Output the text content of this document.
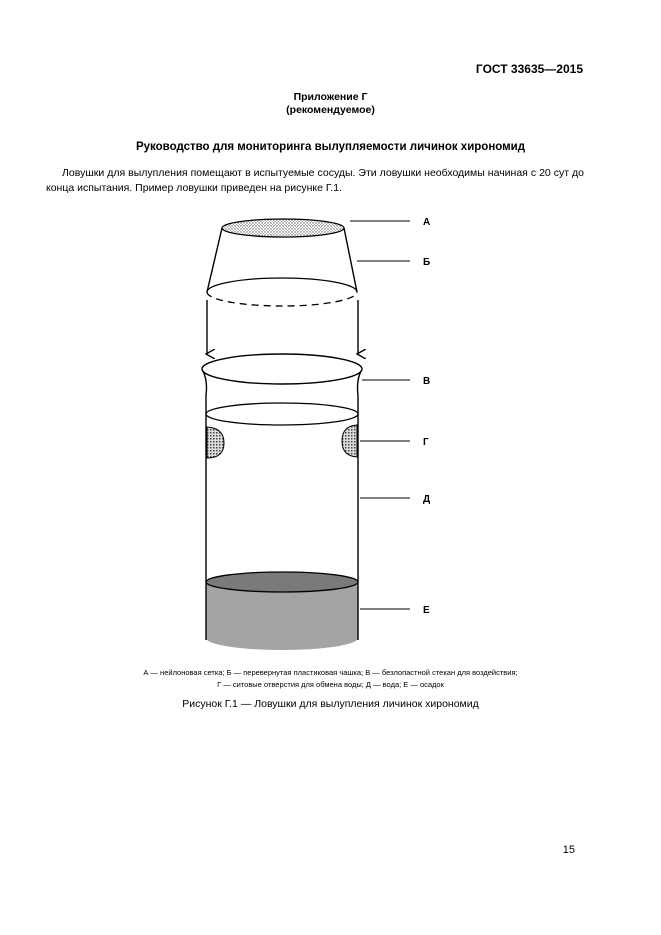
ГОСТ 33635—2015
Приложение Г
(рекомендуемое)
Руководство для мониторинга вылупляемости личинок хирономид
Ловушки для вылупления помещают в испытуемые сосуды. Эти ловушки необходимы начиная с 20 сут до конца испытания. Пример ловушки приведен на рисунке Г.1.
А
Б
В
Г
Д
Е
А — нейлоновая сетка; Б — перевернутая пластиковая чашка; В — безлопастной стекан для воздействия;
Г — ситовые отверстия для обмена воды; Д — вода; Е — осадок
Рисунок Г.1 — Ловушки для вылупления личинок хирономид
15
